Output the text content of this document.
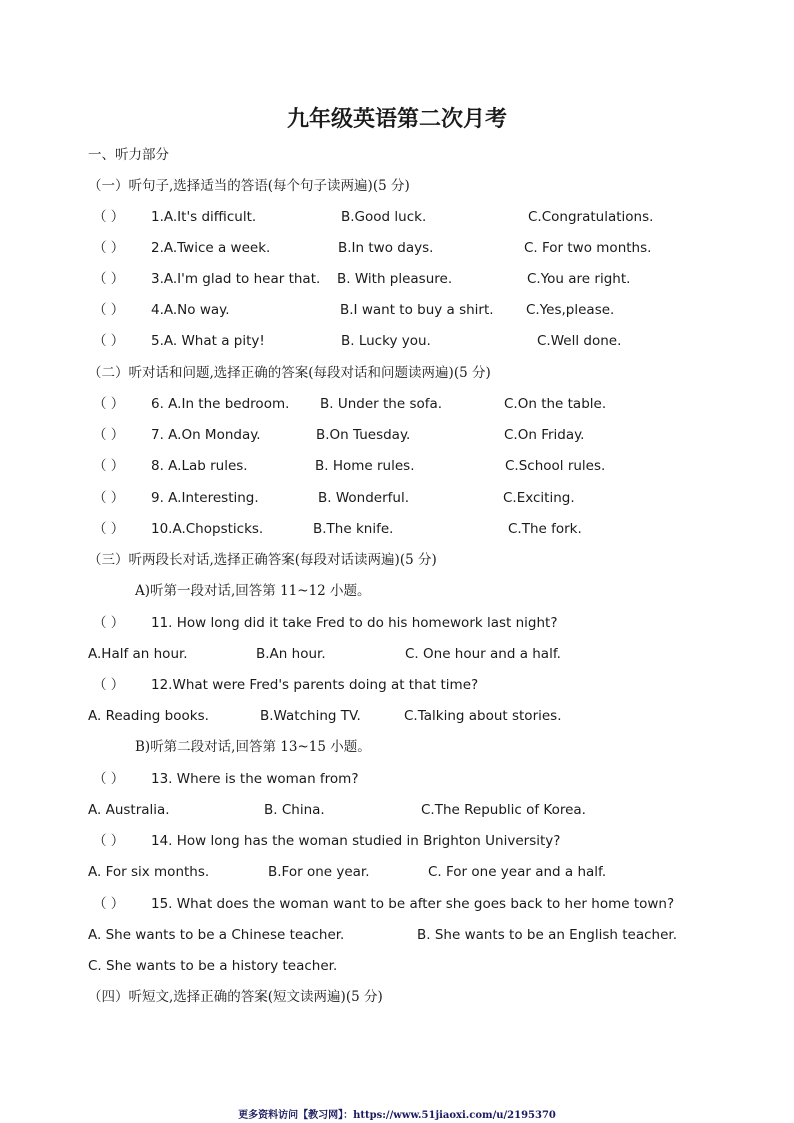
九年级英语第二次月考
一、听力部分
（一）听句子,选择适当的答语(每个句子读两遍)(5 分)
（ ） 1.A.It's difficult.	B.Good luck.	C.Congratulations.
（ ） 2.A.Twice a week.	B.In two days.	C. For two months.
（ ） 3.A.I'm glad to hear that. B. With pleasure.	C.You are right.
（ ） 4.A.No way.	B.I want to buy a shirt. C.Yes,please.
（ ） 5.A. What a pity!	B. Lucky you.	C.Well done.
（二）听对话和问题,选择正确的答案(每段对话和问题读两遍)(5 分)
（ ） 6. A.In the bedroom. B. Under the sofa.	C.On the table.
（ ） 7. A.On Monday.	B.On Tuesday.	C.On Friday.
（ ） 8. A.Lab rules.	B. Home rules.	C.School rules.
（ ） 9. A.Interesting.	B. Wonderful.	C.Exciting.
（ ） 10.A.Chopsticks.	B.The knife.	C.The fork.
（三）听两段长对话,选择正确答案(每段对话读两遍)(5 分)
A)听第一段对话,回答第 11~12 小题。
（ ） 11. How long did it take Fred to do his homework last night?
A.Half an hour.	B.An hour.	C. One hour and a half.
（ ） 12.What were Fred's parents doing at that time?
A. Reading books.	B.Watching TV.	C.Talking about stories.
B)听第二段对话,回答第 13~15 小题。
（ ） 13. Where is the woman from?
A. Australia.	B. China.	C.The Republic of Korea.
（ ） 14. How long has the woman studied in Brighton University?
A. For six months.	B.For one year.	C. For one year and a half.
（ ） 15. What does the woman want to be after she goes back to her home town?
A. She wants to be a Chinese teacher.	B. She wants to be an English teacher.
C. She wants to be a history teacher.
（四）听短文,选择正确的答案(短文读两遍)(5 分)
更多资料访问【教习网】：https://www.51jiaoxi.com/u/2195370
